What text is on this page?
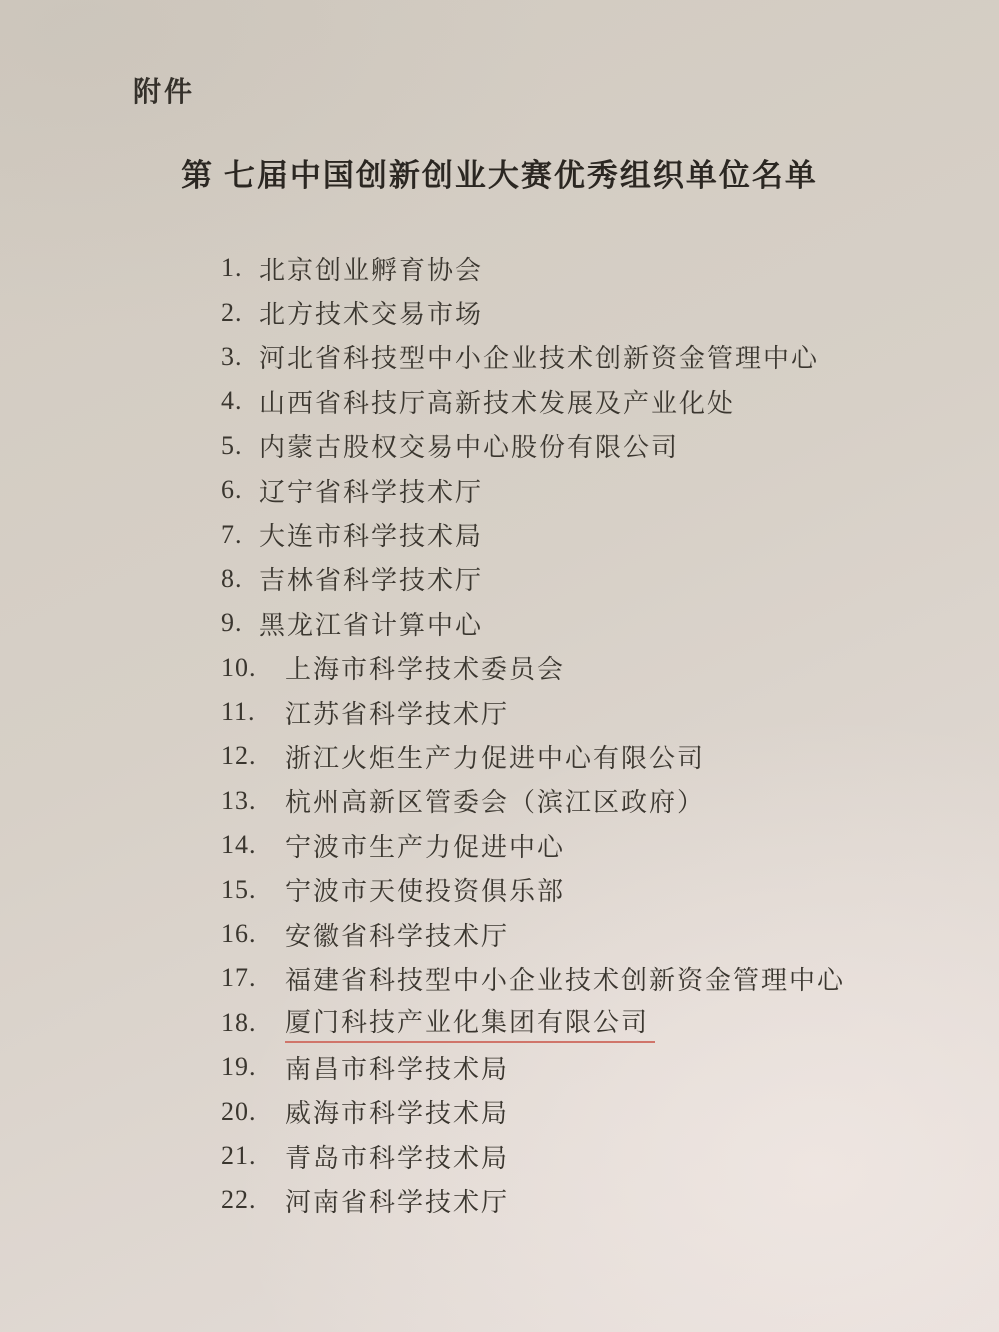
附件
第 七届中国创新创业大赛优秀组织单位名单
1. 北京创业孵育协会
2. 北方技术交易市场
3. 河北省科技型中小企业技术创新资金管理中心
4. 山西省科技厅高新技术发展及产业化处
5. 内蒙古股权交易中心股份有限公司
6. 辽宁省科学技术厅
7. 大连市科学技术局
8. 吉林省科学技术厅
9. 黑龙江省计算中心
10.	上海市科学技术委员会
11.	江苏省科学技术厅
12.	浙江火炬生产力促进中心有限公司
13.	杭州高新区管委会（滨江区政府）
14.	宁波市生产力促进中心
15.	宁波市天使投资俱乐部
16.	安徽省科学技术厅
17.	福建省科技型中小企业技术创新资金管理中心
18.	厦门科技产业化集团有限公司
19.	南昌市科学技术局
20.	威海市科学技术局
21.	青岛市科学技术局
22.	河南省科学技术厅
